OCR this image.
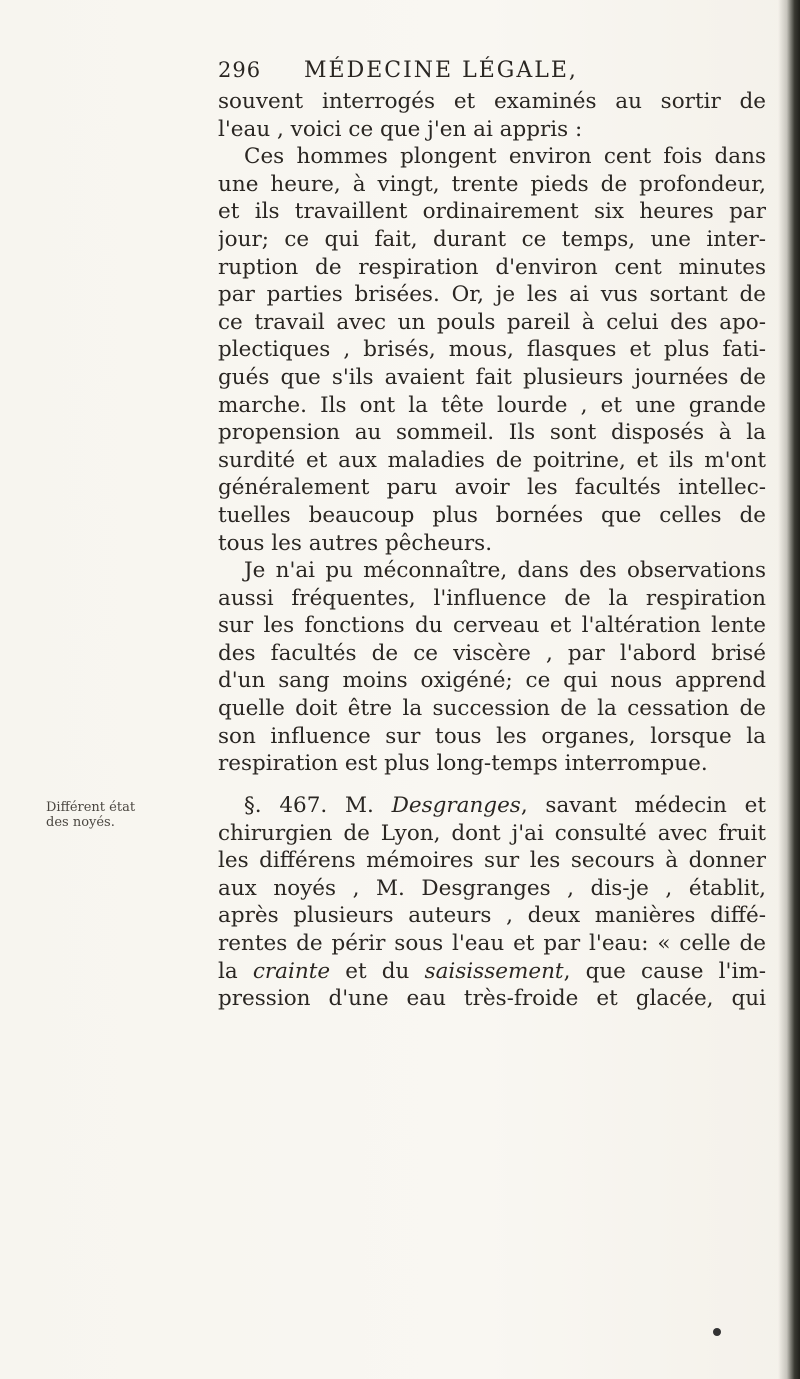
296 MÉDECINE LÉGALE,
souvent interrogés et examinés au sortir de
l'eau , voici ce que j'en ai appris :
Ces hommes plongent environ cent fois dans
une heure, à vingt, trente pieds de profondeur,
et ils travaillent ordinairement six heures par
jour; ce qui fait, durant ce temps, une inter-
ruption de respiration d'environ cent minutes
par parties brisées. Or, je les ai vus sortant de
ce travail avec un pouls pareil à celui des apo-
plectiques , brisés, mous, flasques et plus fati-
gués que s'ils avaient fait plusieurs journées de
marche. Ils ont la tête lourde , et une grande
propension au sommeil. Ils sont disposés à la
surdité et aux maladies de poitrine, et ils m'ont
généralement paru avoir les facultés intellec-
tuelles beaucoup plus bornées que celles de
tous les autres pêcheurs.
Je n'ai pu méconnaître, dans des observations
aussi fréquentes, l'influence de la respiration
sur les fonctions du cerveau et l'altération lente
des facultés de ce viscère , par l'abord brisé
d'un sang moins oxigéné; ce qui nous apprend
quelle doit être la succession de la cessation de
son influence sur tous les organes, lorsque la
respiration est plus long-temps interrompue.
Différent état
des noyés.
§. 467. M. Desgranges, savant médecin et
chirurgien de Lyon, dont j'ai consulté avec fruit
les différens mémoires sur les secours à donner
aux noyés , M. Desgranges , dis-je , établit,
après plusieurs auteurs , deux manières diffé-
rentes de périr sous l'eau et par l'eau: « celle de
la crainte et du saisissement, que cause l'im-
pression d'une eau très-froide et glacée, qui
